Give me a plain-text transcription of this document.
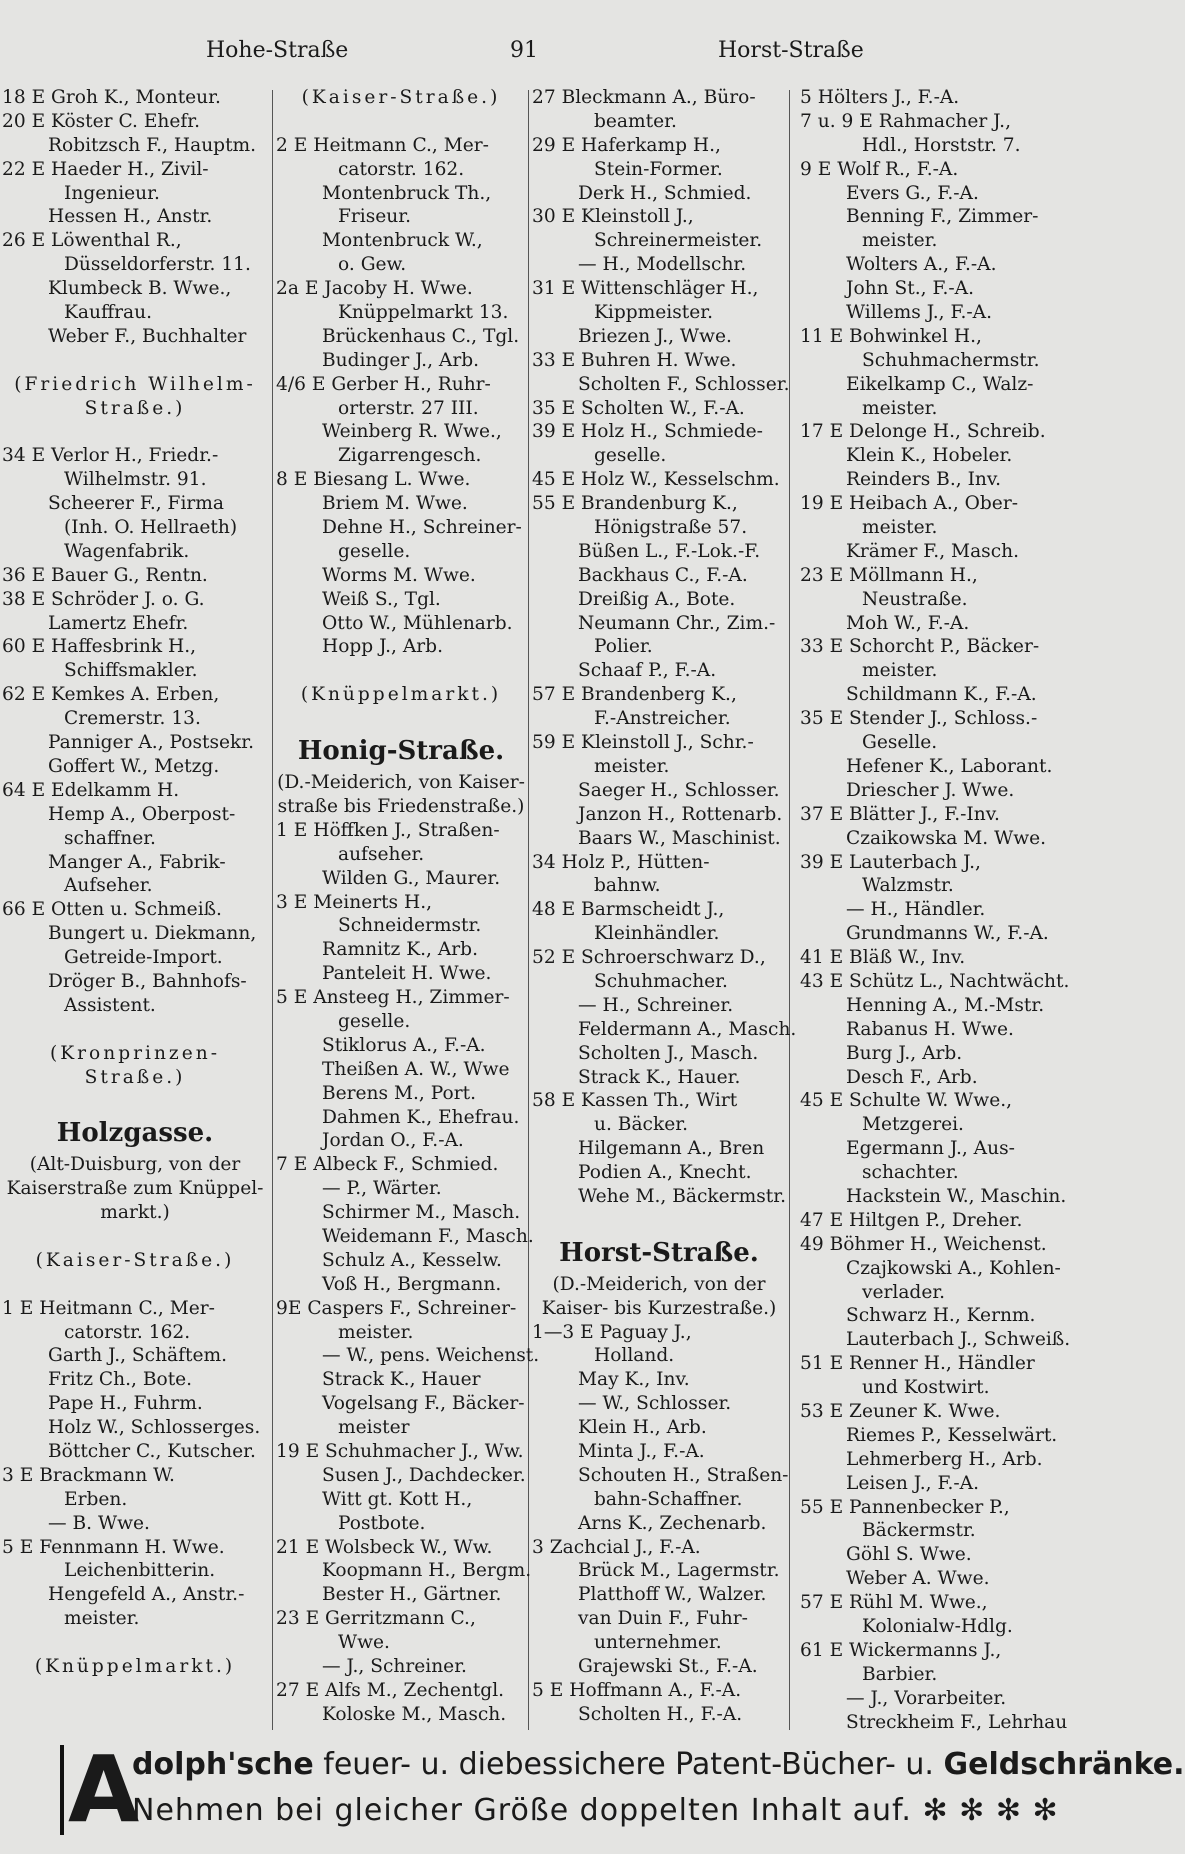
Hohe-Straße	91	Horst-Straße
18 E Groh K., Monteur.
20 E Köster C. Ehefr.
Robitzsch F., Hauptm.
22 E Haeder H., Zivil-
Ingenieur.
Hessen H., Anstr.
26 E Löwenthal R.,
Düsseldorferstr. 11.
Klumbeck B. Wwe.,
Kauffrau.
Weber F., Buchhalter
(Friedrich Wilhelm-
Straße.)
34 E Verlor H., Friedr.-
Wilhelmstr. 91.
Scheerer F., Firma
(Inh. O. Hellraeth)
Wagenfabrik.
36 E Bauer G., Rentn.
38 E Schröder J. o. G.
Lamertz Ehefr.
60 E Haffesbrink H.,
Schiffsmakler.
62 E Kemkes A. Erben,
Cremerstr. 13.
Panniger A., Postsekr.
Goffert W., Metzg.
64 E Edelkamm H.
Hemp A., Oberpost-
schaffner.
Manger A., Fabrik-
Aufseher.
66 E Otten u. Schmeiß.
Bungert u. Diekmann,
Getreide-Import.
Dröger B., Bahnhofs-
Assistent.
(Kronprinzen-
Straße.)
Holzgasse.
(Alt-Duisburg, von der
Kaiserstraße zum Knüppel-
markt.)
(Kaiser-Straße.)
1 E Heitmann C., Mer-
catorstr. 162.
Garth J., Schäftem.
Fritz Ch., Bote.
Pape H., Fuhrm.
Holz W., Schlosserges.
Böttcher C., Kutscher.
3 E Brackmann W.
Erben.
— B. Wwe.
5 E Fennmann H. Wwe.
Leichenbitterin.
Hengefeld A., Anstr.-
meister.
(Knüppelmarkt.)
(Kaiser-Straße.)
2 E Heitmann C., Mer-
catorstr. 162.
Montenbruck Th.,
Friseur.
Montenbruck W.,
o. Gew.
2a E Jacoby H. Wwe.
Knüppelmarkt 13.
Brückenhaus C., Tgl.
Budinger J., Arb.
4/6 E Gerber H., Ruhr-
orterstr. 27 III.
Weinberg R. Wwe.,
Zigarrengesch.
8 E Biesang L. Wwe.
Briem M. Wwe.
Dehne H., Schreiner-
geselle.
Worms M. Wwe.
Weiß S., Tgl.
Otto W., Mühlenarb.
Hopp J., Arb.
(Knüppelmarkt.)
Honig-Straße.
(D.-Meiderich, von Kaiser-
straße bis Friedenstraße.)
1 E Höffken J., Straßen-
aufseher.
Wilden G., Maurer.
3 E Meinerts H.,
Schneidermstr.
Ramnitz K., Arb.
Panteleit H. Wwe.
5 E Ansteeg H., Zimmer-
geselle.
Stiklorus A., F.-A.
Theißen A. W., Wwe
Berens M., Port.
Dahmen K., Ehefrau.
Jordan O., F.-A.
7 E Albeck F., Schmied.
— P., Wärter.
Schirmer M., Masch.
Weidemann F., Masch.
Schulz A., Kesselw.
Voß H., Bergmann.
9E Caspers F., Schreiner-
meister.
— W., pens. Weichenst.
Strack K., Hauer
Vogelsang F., Bäcker-
meister
19 E Schuhmacher J., Ww.
Susen J., Dachdecker.
Witt gt. Kott H.,
Postbote.
21 E Wolsbeck W., Ww.
Koopmann H., Bergm.
Bester H., Gärtner.
23 E Gerritzmann C.,
Wwe.
— J., Schreiner.
27 E Alfs M., Zechentgl.
Koloske M., Masch.
27 Bleckmann A., Büro-
beamter.
29 E Haferkamp H.,
Stein-Former.
Derk H., Schmied.
30 E Kleinstoll J.,
Schreinermeister.
— H., Modellschr.
31 E Wittenschläger H.,
Kippmeister.
Briezen J., Wwe.
33 E Buhren H. Wwe.
Scholten F., Schlosser.
35 E Scholten W., F.-A.
39 E Holz H., Schmiede-
geselle.
45 E Holz W., Kesselschm.
55 E Brandenburg K.,
Hönigstraße 57.
Büßen L., F.-Lok.-F.
Backhaus C., F.-A.
Dreißig A., Bote.
Neumann Chr., Zim.-
Polier.
Schaaf P., F.-A.
57 E Brandenberg K.,
F.-Anstreicher.
59 E Kleinstoll J., Schr.-
meister.
Saeger H., Schlosser.
Janzon H., Rottenarb.
Baars W., Maschinist.
34 Holz P., Hütten-
bahnw.
48 E Barmscheidt J.,
Kleinhändler.
52 E Schroerschwarz D.,
Schuhmacher.
— H., Schreiner.
Feldermann A., Masch.
Scholten J., Masch.
Strack K., Hauer.
58 E Kassen Th., Wirt
u. Bäcker.
Hilgemann A., Bren
Podien A., Knecht.
Wehe M., Bäckermstr.
Horst-Straße.
(D.-Meiderich, von der
Kaiser- bis Kurzestraße.)
1—3 E Paguay J.,
Holland.
May K., Inv.
— W., Schlosser.
Klein H., Arb.
Minta J., F.-A.
Schouten H., Straßen-
bahn-Schaffner.
Arns K., Zechenarb.
3 Zachcial J., F.-A.
Brück M., Lagermstr.
Platthoff W., Walzer.
van Duin F., Fuhr-
unternehmer.
Grajewski St., F.-A.
5 E Hoffmann A., F.-A.
Scholten H., F.-A.
5 Hölters J., F.-A.
7 u. 9 E Rahmacher J.,
Hdl., Horststr. 7.
9 E Wolf R., F.-A.
Evers G., F.-A.
Benning F., Zimmer-
meister.
Wolters A., F.-A.
John St., F.-A.
Willems J., F.-A.
11 E Bohwinkel H.,
Schuhmachermstr.
Eikelkamp C., Walz-
meister.
17 E Delonge H., Schreib.
Klein K., Hobeler.
Reinders B., Inv.
19 E Heibach A., Ober-
meister.
Krämer F., Masch.
23 E Möllmann H.,
Neustraße.
Moh W., F.-A.
33 E Schorcht P., Bäcker-
meister.
Schildmann K., F.-A.
35 E Stender J., Schloss.-
Geselle.
Hefener K., Laborant.
Driescher J. Wwe.
37 E Blätter J., F.-Inv.
Czaikowska M. Wwe.
39 E Lauterbach J.,
Walzmstr.
— H., Händler.
Grundmanns W., F.-A.
41 E Bläß W., Inv.
43 E Schütz L., Nachtwächt.
Henning A., M.-Mstr.
Rabanus H. Wwe.
Burg J., Arb.
Desch F., Arb.
45 E Schulte W. Wwe.,
Metzgerei.
Egermann J., Aus-
schachter.
Hackstein W., Maschin.
47 E Hiltgen P., Dreher.
49 Böhmer H., Weichenst.
Czajkowski A., Kohlen-
verlader.
Schwarz H., Kernm.
Lauterbach J., Schweiß.
51 E Renner H., Händler
und Kostwirt.
53 E Zeuner K. Wwe.
Riemes P., Kesselwärt.
Lehmerberg H., Arb.
Leisen J., F.-A.
55 E Pannenbecker P.,
Bäckermstr.
Göhl S. Wwe.
Weber A. Wwe.
57 E Rühl M. Wwe.,
Kolonialw-Hdlg.
61 E Wickermanns J.,
Barbier.
— J., Vorarbeiter.
Streckheim F., Lehrhau
A
dolph'sche feuer- u. diebessichere Patent-Bücher- u. Geldschränke.
Nehmen bei gleicher Größe doppelten Inhalt auf. ✻ ✻ ✻ ✻
